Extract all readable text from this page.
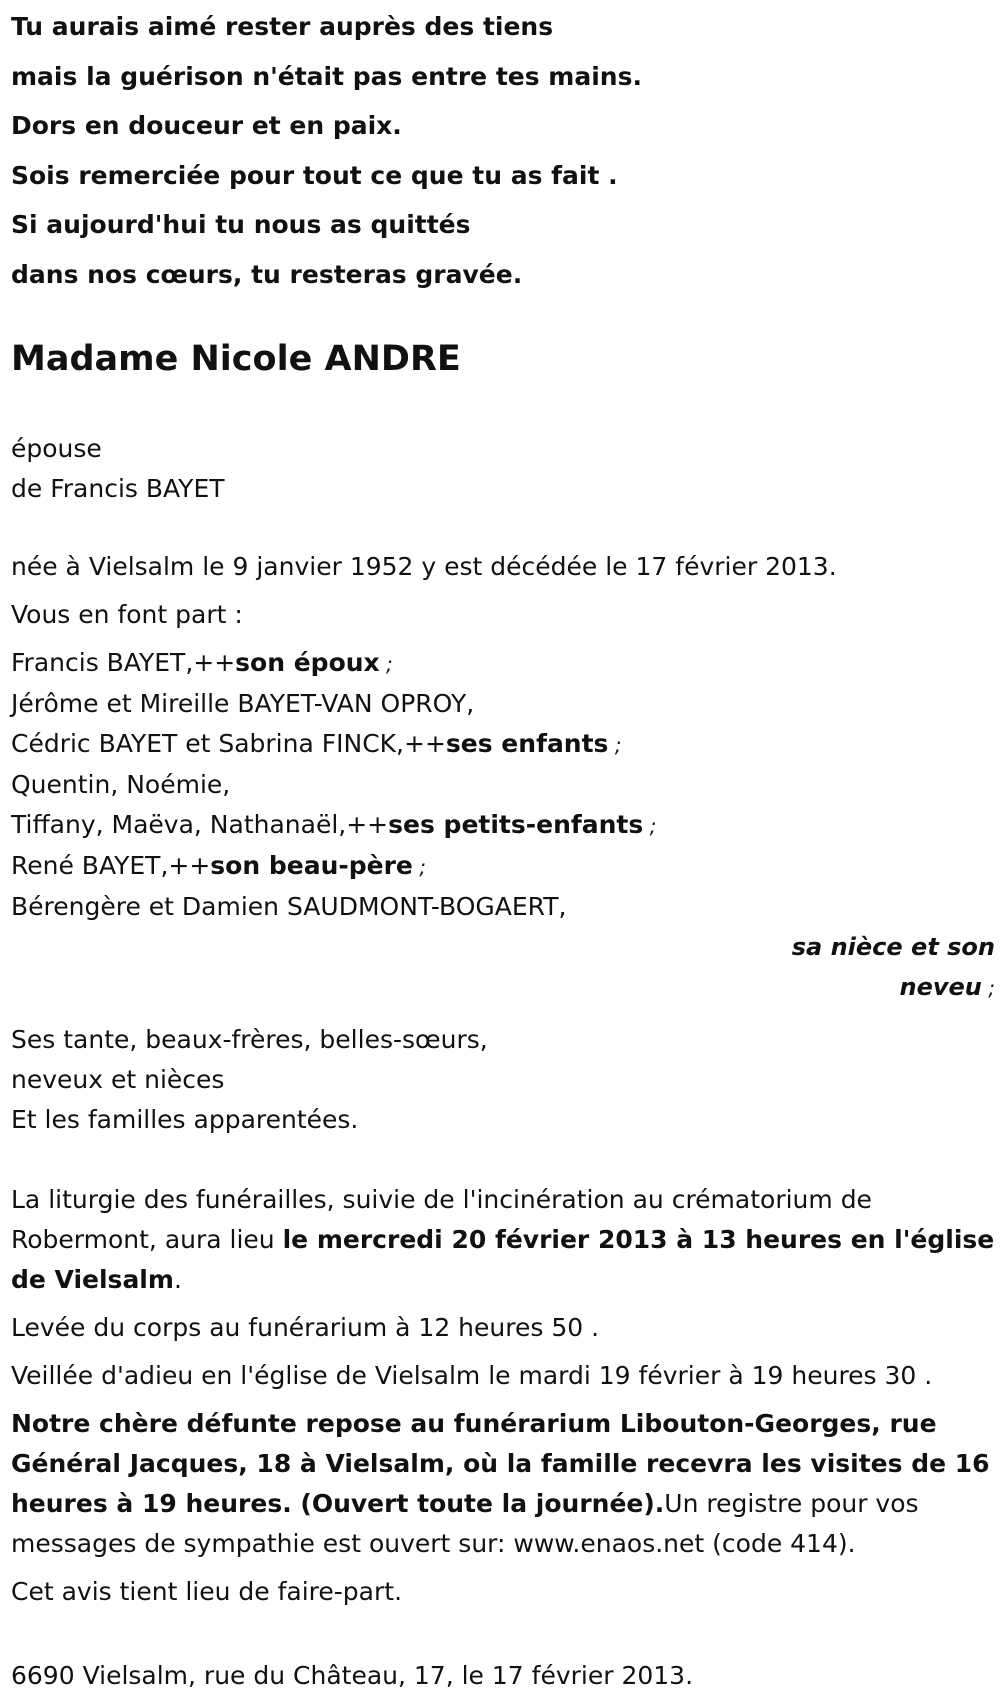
Tu aurais aimé rester auprès des tiens
mais la guérison n'était pas entre tes mains.
Dors en douceur et en paix.
Sois remerciée pour tout ce que tu as fait .
Si aujourd'hui tu nous as quittés
dans nos cœurs, tu resteras gravée.
Madame Nicole ANDRE
épouse
de Francis BAYET
née à Vielsalm le 9 janvier 1952 y est décédée le 17 février 2013.
Vous en font part :
Francis BAYET,++son époux ;
Jérôme et Mireille BAYET-VAN OPROY,
Cédric BAYET et Sabrina FINCK,++ses enfants ;
Quentin, Noémie,
Tiffany, Maëva, Nathanaël,++ses petits-enfants ;
René BAYET,++son beau-père ;
Bérengère et Damien SAUDMONT-BOGAERT,
sa nièce et son
neveu ;
Ses tante, beaux-frères, belles-sœurs,
neveux et nièces
Et les familles apparentées.
La liturgie des funérailles, suivie de l'incinération au crématorium de Robermont, aura lieu le mercredi 20 février 2013 à 13 heures en l'église de Vielsalm.
Levée du corps au funérarium à 12 heures 50 .
Veillée d'adieu en l'église de Vielsalm le mardi 19 février à 19 heures 30 .
Notre chère défunte repose au funérarium Libouton-Georges, rue Général Jacques, 18 à Vielsalm, où la famille recevra les visites de 16 heures à 19 heures. (Ouvert toute la journée).Un registre pour vos messages de sympathie est ouvert sur: www.enaos.net (code 414).
Cet avis tient lieu de faire-part.
6690 Vielsalm, rue du Château, 17, le 17 février 2013.
